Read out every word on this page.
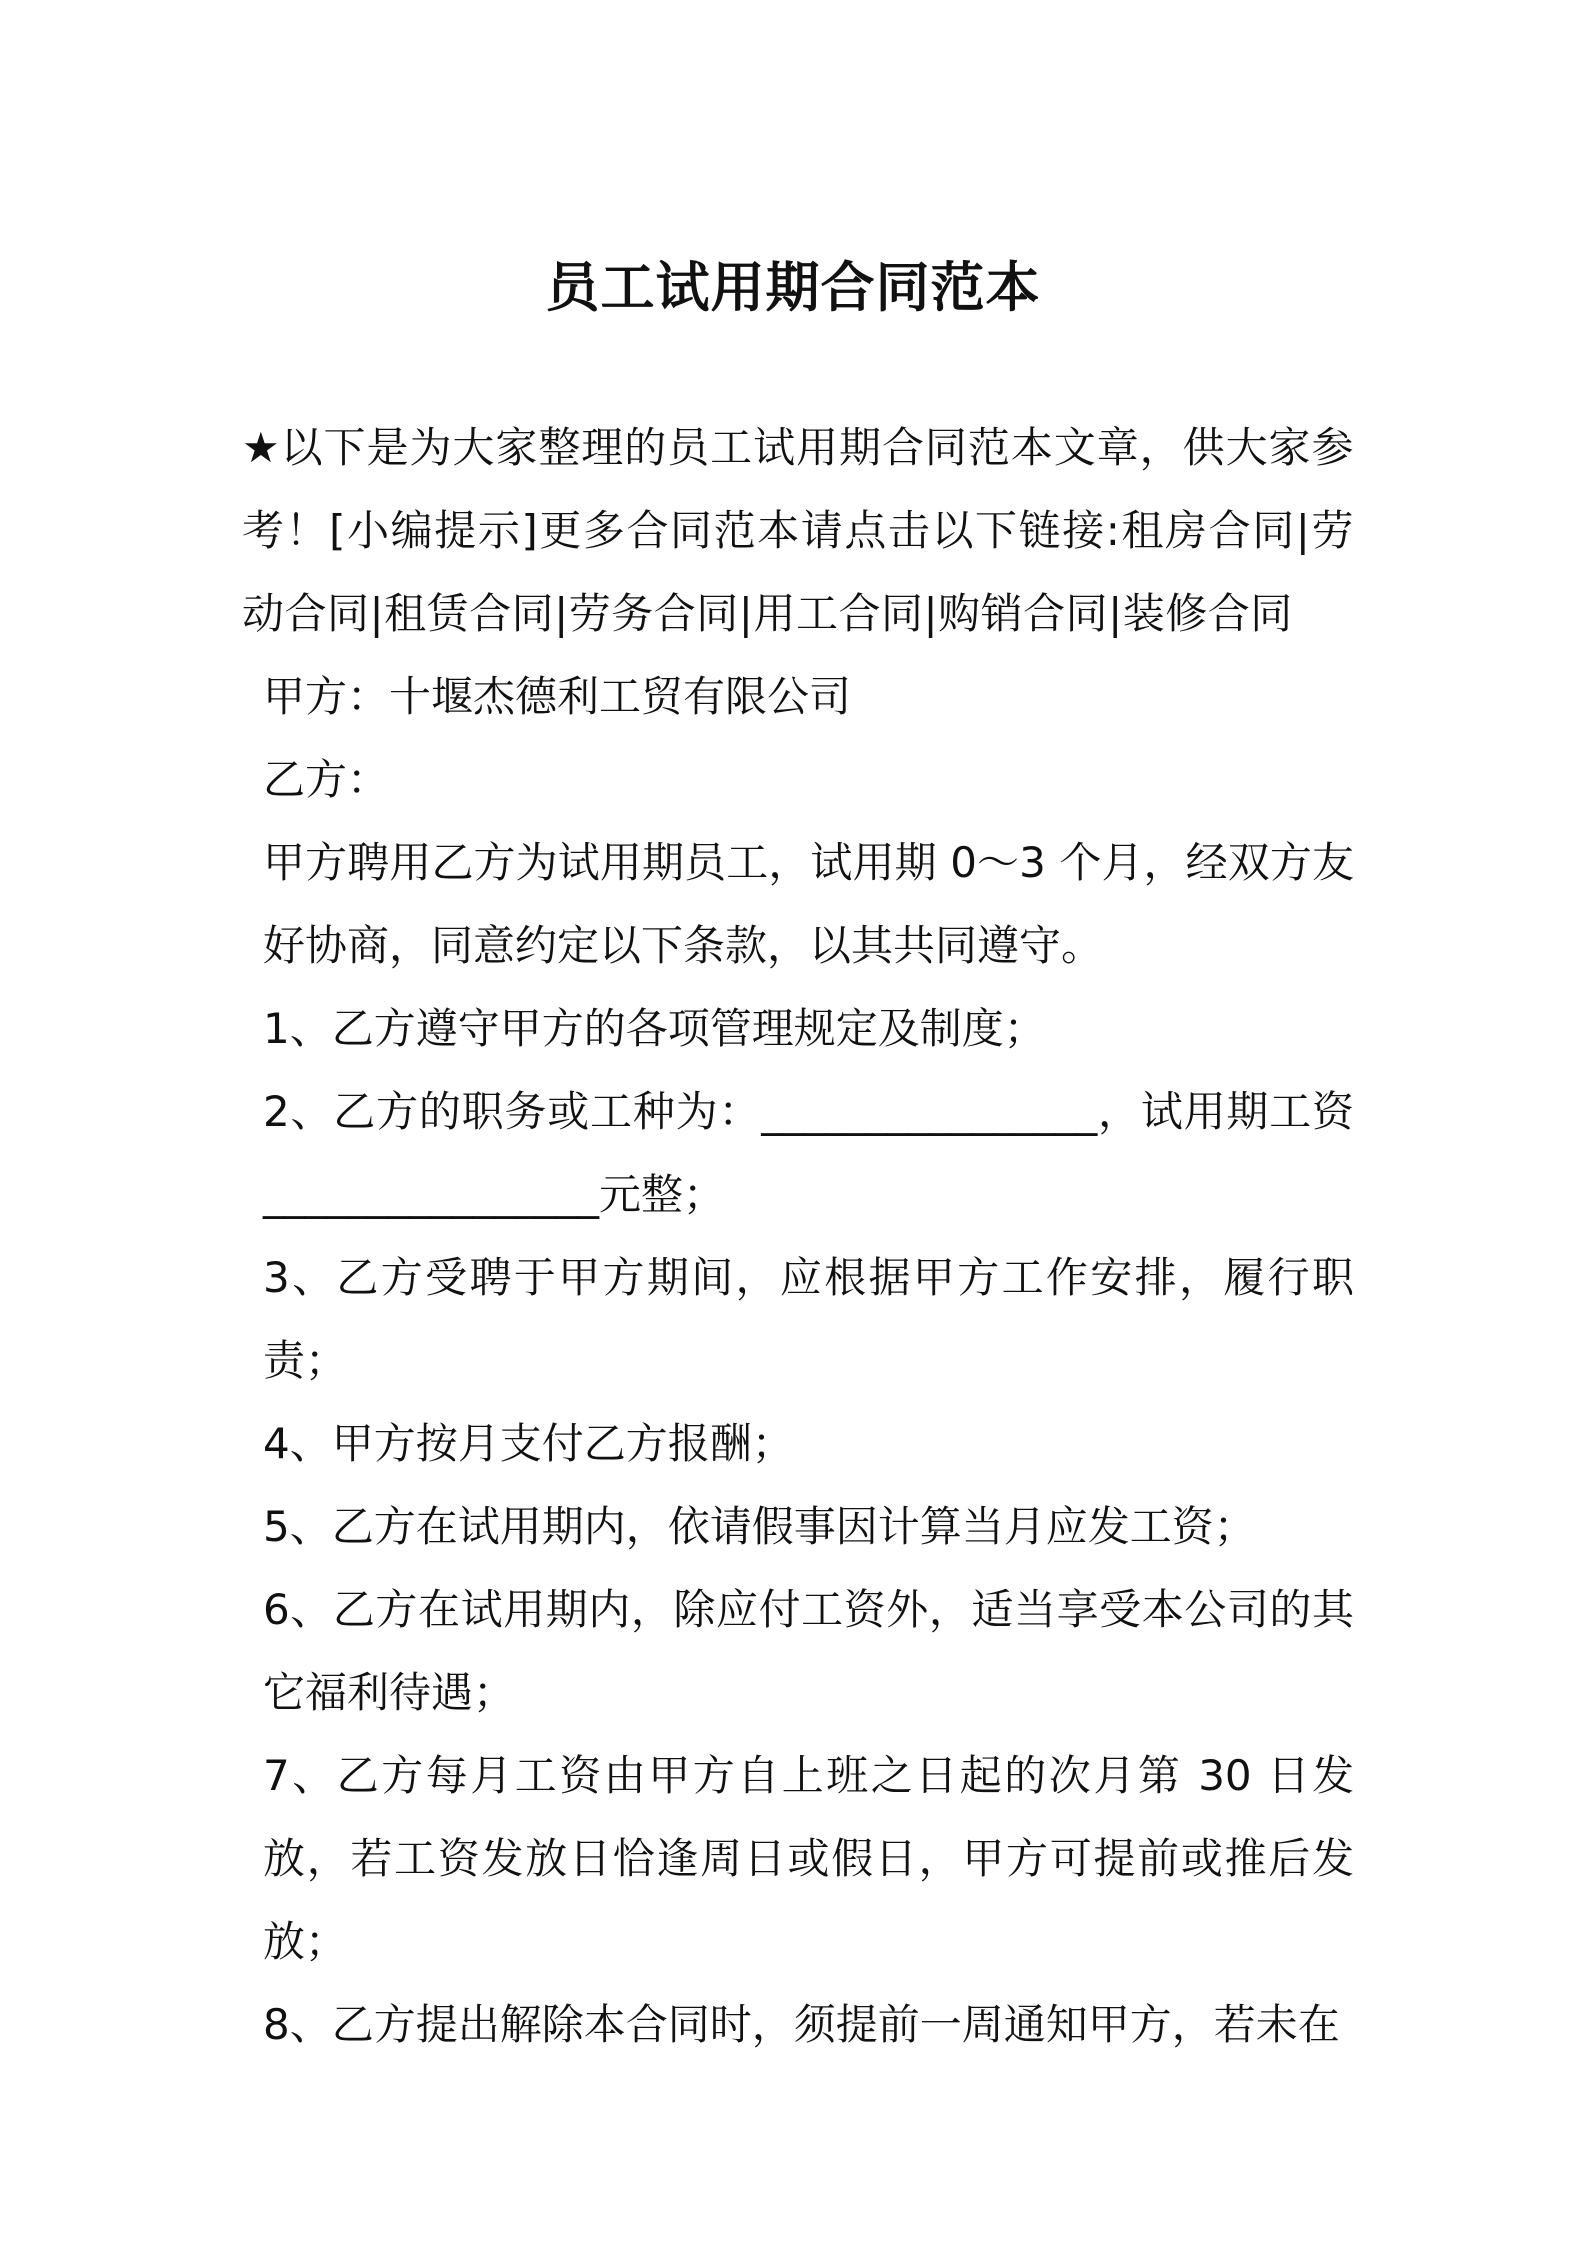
员工试用期合同范本

★以下是为大家整理的员工试用期合同范本文章，供大家参考！[小编提示]更多合同范本请点击以下链接:租房合同|劳动合同|租赁合同|劳务合同|用工合同|购销合同|装修合同

甲方：十堰杰德利工贸有限公司

乙方：

甲方聘用乙方为试用期员工，试用期 0～3 个月，经双方友好协商，同意约定以下条款，以其共同遵守。

1、乙方遵守甲方的各项管理规定及制度；

2、乙方的职务或工种为：________________，试用期工资________________元整；

3、乙方受聘于甲方期间，应根据甲方工作安排，履行职责；

4、甲方按月支付乙方报酬；

5、乙方在试用期内，依请假事因计算当月应发工资；

6、乙方在试用期内，除应付工资外，适当享受本公司的其它福利待遇；

7、乙方每月工资由甲方自上班之日起的次月第 30 日发放，若工资发放日恰逢周日或假日，甲方可提前或推后发放；

8、乙方提出解除本合同时，须提前一周通知甲方，若未在
